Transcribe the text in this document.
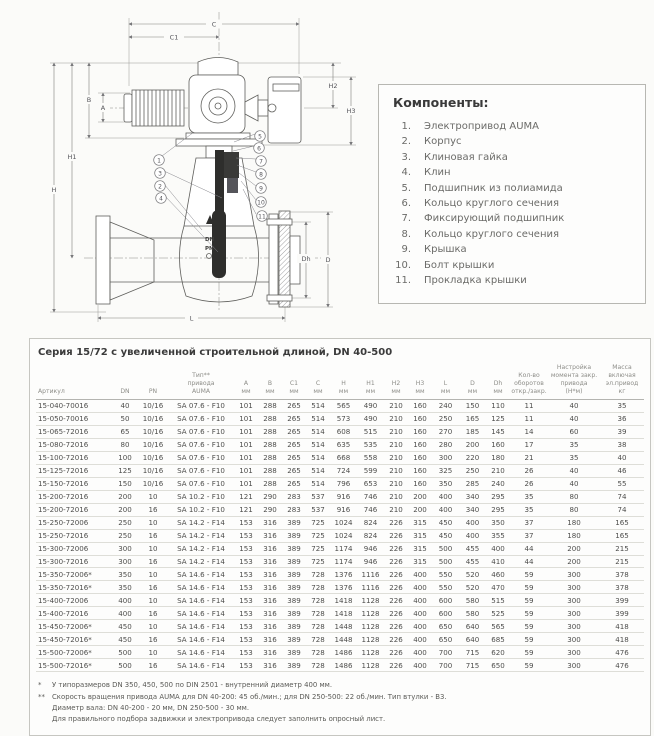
DN
PN
1
3
2
4
5
6
7
8
9
10
11
C
C1
H
H1
B
A
H2
H3
Dh D
L
Компоненты:
1. Электропривод AUMA
2. Корпус
3. Клиновая гайка
4. Клин
5. Подшипник из полиамида
6. Кольцо круглого сечения
7. Фиксирующий подшипник
8. Кольцо круглого сечения
9. Крышка
10. Болт крышки
11. Прокладка крышки
Серия 15/72 с увеличенной строительной длиной, DN 40-500
Артикул	DN	PN
Тип**
привода
AUMA
A
мм
B
мм
C1
мм
C
мм
H
мм
H1
мм
H2
мм
H3
мм
L
мм
D
мм
Dh
мм
Кол-во
оборотов
откр./закр.
Настройка
момента закр.
привода
(Н*м)
Масса
включая
эл.привод
кг
15-040-70016	40	10/16	SA 07.6 - F10	101	288	265	514	565	490	210	160	240	150	110	11	40	35
15-050-70016	50	10/16	SA 07.6 - F10	101	288	265	514	573	490	210	160	250	165	125	11	40	36
15-065-72016	65	10/16	SA 07.6 - F10	101	288	265	514	608	515	210	160	270	185	145	14	60	39
15-080-72016	80	10/16	SA 07.6 - F10	101	288	265	514	635	535	210	160	280	200	160	17	35	38
15-100-72016	100	10/16	SA 07.6 - F10	101	288	265	514	668	558	210	160	300	220	180	21	35	40
15-125-72016	125	10/16	SA 07.6 - F10	101	288	265	514	724	599	210	160	325	250	210	26	40	46
15-150-72016	150	10/16	SA 07.6 - F10	101	288	265	514	796	653	210	160	350	285	240	26	40	55
15-200-72016	200	10	SA 10.2 - F10	121	290	283	537	916	746	210	200	400	340	295	35	80	74
15-200-72016	200	16	SA 10.2 - F10	121	290	283	537	916	746	210	200	400	340	295	35	80	74
15-250-72006	250	10	SA 14.2 - F14	153	316	389	725	1024	824	226	315	450	400	350	37	180	165
15-250-72016	250	16	SA 14.2 - F14	153	316	389	725	1024	824	226	315	450	400	355	37	180	165
15-300-72006	300	10	SA 14.2 - F14	153	316	389	725	1174	946	226	315	500	455	400	44	200	215
15-300-72016	300	16	SA 14.2 - F14	153	316	389	725	1174	946	226	315	500	455	410	44	200	215
15-350-72006*	350	10	SA 14.6 - F14	153	316	389	728	1376	1116	226	400	550	520	460	59	300	378
15-350-72016*	350	16	SA 14.6 - F14	153	316	389	728	1376	1116	226	400	550	520	470	59	300	378
15-400-72006	400	10	SA 14.6 - F14	153	316	389	728	1418	1128	226	400	600	580	515	59	300	399
15-400-72016	400	16	SA 14.6 - F14	153	316	389	728	1418	1128	226	400	600	580	525	59	300	399
15-450-72006*	450	10	SA 14.6 - F14	153	316	389	728	1448	1128	226	400	650	640	565	59	300	418
15-450-72016*	450	16	SA 14.6 - F14	153	316	389	728	1448	1128	226	400	650	640	685	59	300	418
15-500-72006*	500	10	SA 14.6 - F14	153	316	389	728	1486	1128	226	400	700	715	620	59	300	476
15-500-72016*	500	16	SA 14.6 - F14	153	316	389	728	1486	1128	226	400	700	715	650	59	300	476
*	У типоразмеров DN 350, 450, 500 по DIN 2501 - внутренний диаметр 400 мм.
**	Скорость вращения привода AUMA для DN 40-200: 45 об./мин.; для DN 250-500: 22 об./мин. Тип втулки - B3.
Диаметр вала: DN 40-200 - 20 мм, DN 250-500 - 30 мм.
Для правильного подбора задвижки и электропривода следует заполнить опросный лист.
